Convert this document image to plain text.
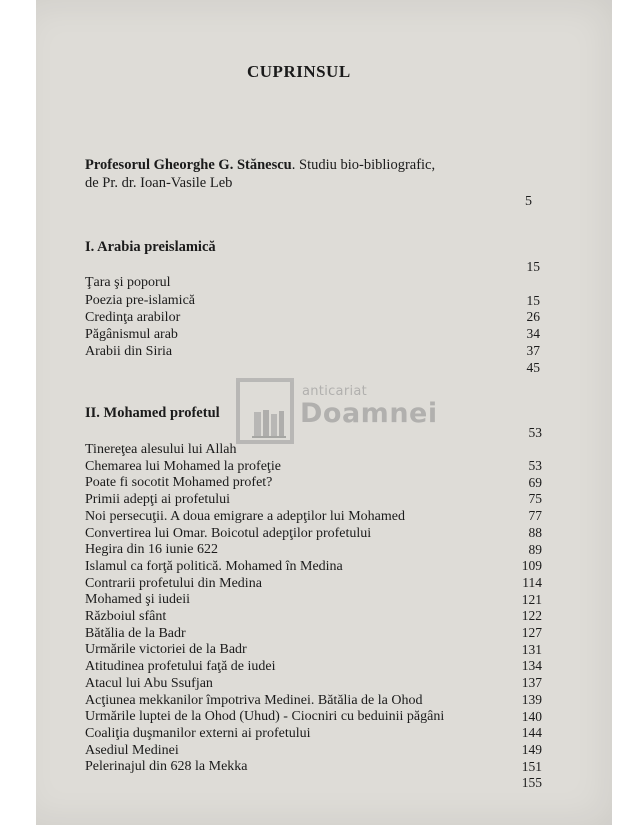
CUPRINSUL
Profesorul Gheorghe G. Stănescu. Studiu bio-bibliografic,
de Pr. dr. Ioan-Vasile Leb
5
I. Arabia preislamică
15
Ţara şi poporul
Poezia pre-islamică
Credinţa arabilor
Păgânismul arab
Arabii din Siria
15
26
34
37
45
anticariat
Doamnei
II. Mohamed profetul
53
Tinereţea alesului lui Allah
53
Chemarea lui Mohamed la profeţie
69
Poate fi socotit Mohamed profet?
75
Primii adepţi ai profetului
77
Noi persecuţii. A doua emigrare a adepţilor lui Mohamed
88
Convertirea lui Omar. Boicotul adepţilor profetului
89
Hegira din 16 iunie 622
109
Islamul ca forţă politică. Mohamed în Medina
114
Contrarii profetului din Medina
121
Mohamed şi iudeii
122
Războiul sfânt
127
Bătălia de la Badr
131
Urmările victoriei de la Badr
134
Atitudinea profetului faţă de iudei
137
Atacul lui Abu Ssufjan
139
Acţiunea mekkanilor împotriva Medinei. Bătălia de la Ohod
140
Urmările luptei de la Ohod (Uhud) - Ciocniri cu beduinii păgâni
144
Coaliţia duşmanilor externi ai profetului
149
Asediul Medinei
151
Pelerinajul din 628 la Mekka
155
